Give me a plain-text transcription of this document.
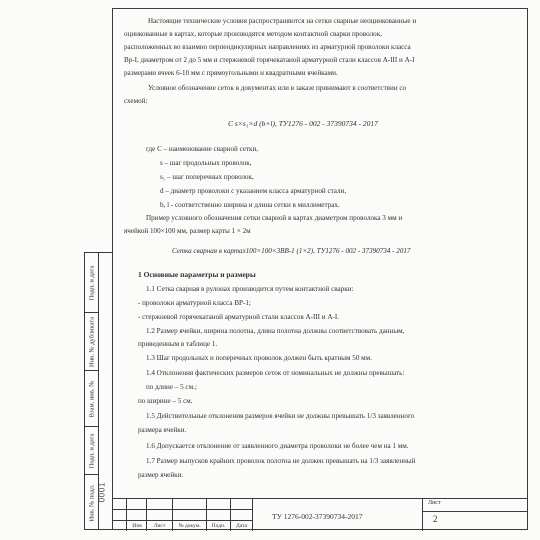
Подп. и дата
Инв. № дубликата
Взам. инв. №
Подп. и дата
Инв. № подл. 0001

Настоящие технические условия распространяются на сетки сварные неоцинкованные и

оцинкованные в картах, которые производятся методом контактной сварки проволок,

расположенных во взаимно перпендикулярных направлениях из арматурной проволоки класса

Вр-I, диаметром от 2 до 5 мм и стержневой горячекатаной арматурной стали классов А-III и А-I

размерами ячеек 6-10 мм с прямоугольными и квадратными ячейками.

Условное обозначение сеток в документах или в заказе принимают в соответствии со

схемой:

С s×s₁×d (b×l), ТУ1276 - 002 - 37390734 - 2017

где С – наименование сварной сетки,

s – шаг продольных проволок,

s₁ – шаг поперечных проволок,

d – диаметр проволоки с указанием класса арматурной стали,

b, l - соответственно ширина и длина сетки в миллиметрах.

Пример условного обозначения сетки сварной в картах диаметром проволока 3 мм и

ячейкой 100×100 мм, размер карты 1 × 2м

Сетка сварная в картах100×100×3ВВ-1 (1×2), ТУ1276 - 002 - 37390734 - 2017

1 Основные параметры и размеры

1.1 Сетка сварная в рулонах производится путем контактной сварки:

- проволоки арматурной класса ВР-1;

- стержневой горячекатаной арматурной стали классов А-III и А-I.

1.2 Размер ячейки, ширина полотна, длина полотна должны соответствовать данным,

приведенным в таблице 1.

1.3 Шаг продольных и поперечных проволок должен быть кратным 50 мм.

1.4 Отклонения фактических размеров сеток от номинальных не должны превышать:

по длине – 5 см.;

по ширине – 5 см.

1.5 Действительные отклонения размеров ячейки не должны превышать 1/3 заявленного

размера ячейки.

1.6 Допускается отклонение от заявленного диаметра проволоки не более чем на 1 мм.

1.7 Размер выпусков крайних проволок полотна не должен превышать на 1/3 заявленный

размер ячейки.

Изм	Лист	№ докум.	Подп.	Дата
ТУ 1276-002-37390734-2017
Лист
2
